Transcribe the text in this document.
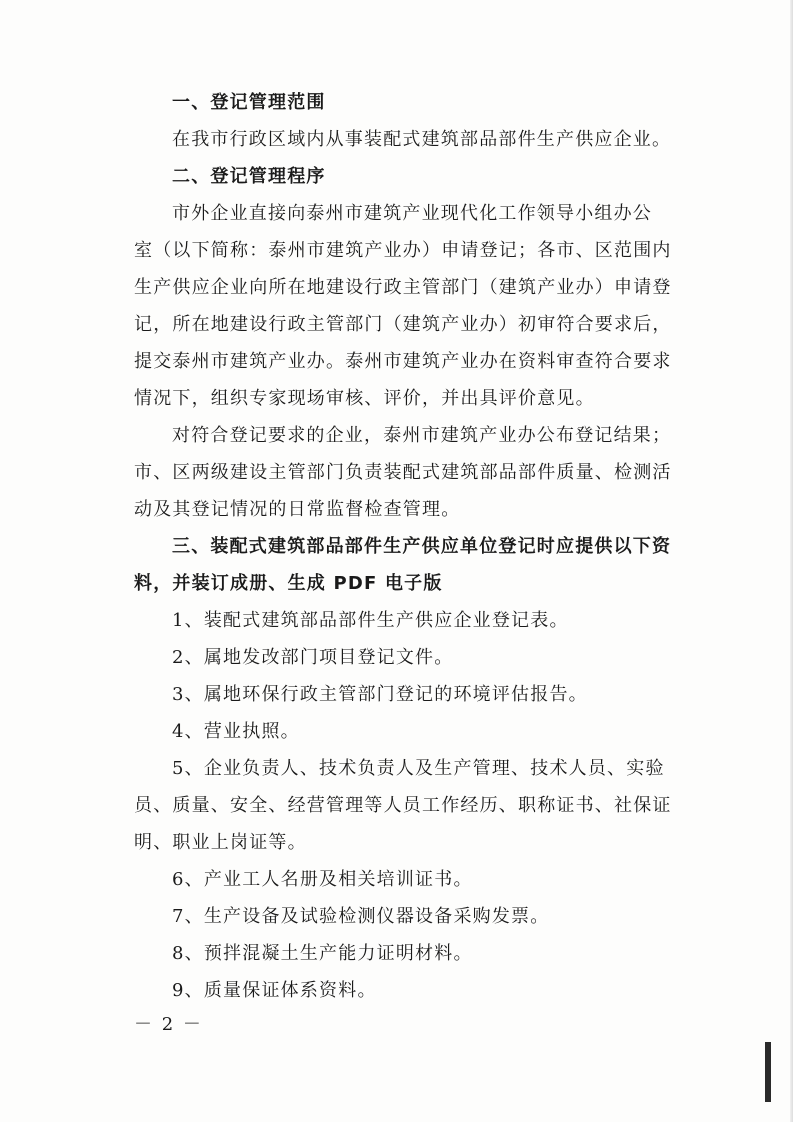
一、登记管理范围
在我市行政区域内从事装配式建筑部品部件生产供应企业。
二、登记管理程序
市外企业直接向泰州市建筑产业现代化工作领导小组办公
室（以下简称：泰州市建筑产业办）申请登记；各市、区范围内
生产供应企业向所在地建设行政主管部门（建筑产业办）申请登
记，所在地建设行政主管部门（建筑产业办）初审符合要求后，
提交泰州市建筑产业办。泰州市建筑产业办在资料审查符合要求
情况下，组织专家现场审核、评价，并出具评价意见。
对符合登记要求的企业，泰州市建筑产业办公布登记结果；
市、区两级建设主管部门负责装配式建筑部品部件质量、检测活
动及其登记情况的日常监督检查管理。
三、装配式建筑部品部件生产供应单位登记时应提供以下资
料，并装订成册、生成 PDF 电子版
1、装配式建筑部品部件生产供应企业登记表。
2、属地发改部门项目登记文件。
3、属地环保行政主管部门登记的环境评估报告。
4、营业执照。
5、企业负责人、技术负责人及生产管理、技术人员、实验
员、质量、安全、经营管理等人员工作经历、职称证书、社保证
明、职业上岗证等。
6、产业工人名册及相关培训证书。
7、生产设备及试验检测仪器设备采购发票。
8、预拌混凝土生产能力证明材料。
9、质量保证体系资料。
－ 2 －
